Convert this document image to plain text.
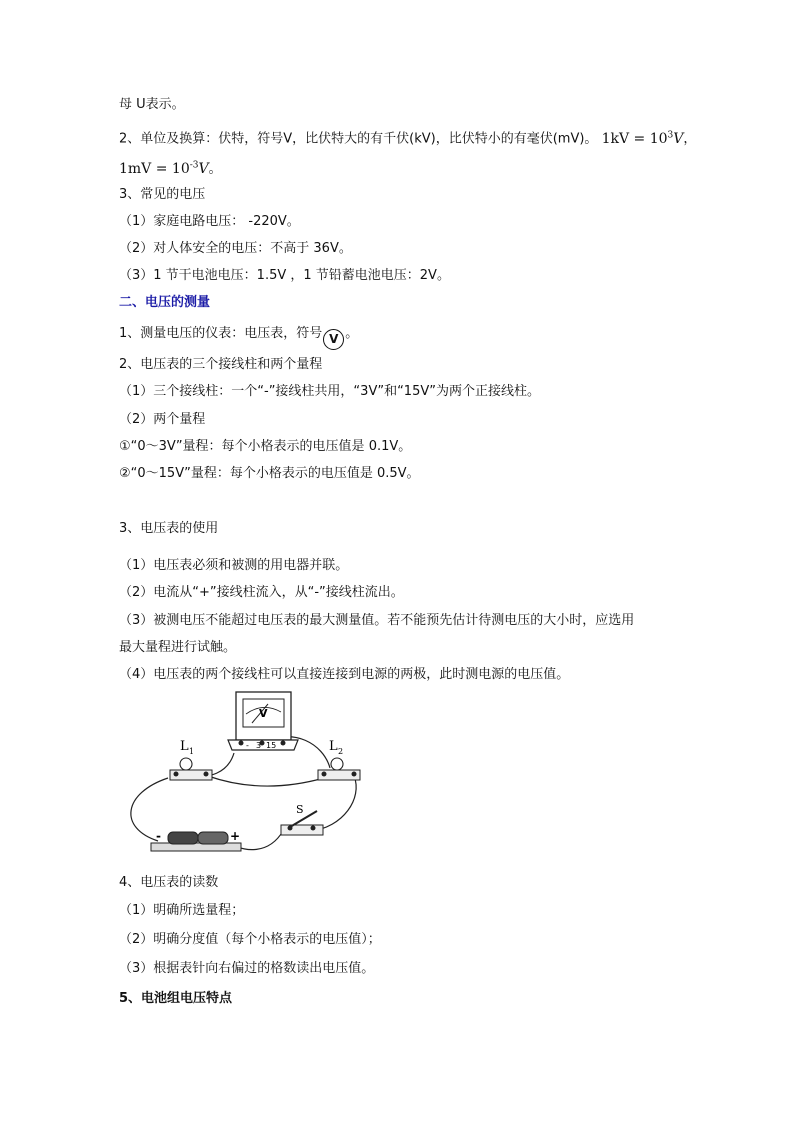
母 U表示。
2、单位及换算：伏特，符号V，比伏特大的有千伏(kV)，比伏特小的有毫伏(mV)。 $1kV = 10^3V$，
$1mV = 10^{-3}V$。
3、常见的电压
（1）家庭电路电压： -220V。
（2）对人体安全的电压：不高于 36V。
（3）1 节干电池电压：1.5V ，1 节铅蓄电池电压：2V。
二、电压的测量
1、测量电压的仪表：电压表，符号 V 。
2、电压表的三个接线柱和两个量程
（1）三个接线柱：一个“-”接线柱共用，“3V”和“15V”为两个正接线柱。
（2）两个量程
①“0～3V”量程：每个小格表示的电压值是 0.1V。
②“0～15V”量程：每个小格表示的电压值是 0.5V。
3、电压表的使用
（1）电压表必须和被测的用电器并联。
（2）电流从“+”接线柱流入，从“-”接线柱流出。
（3）被测电压不能超过电压表的最大测量值。若不能预先估计待测电压的大小时，应选用
最大量程进行试触。
（4）电压表的两个接线柱可以直接连接到电源的两极，此时测电源的电压值。
V
- 3 15
L 1	L 2
S
-	+
4、电压表的读数
（1）明确所选量程；
（2）明确分度值（每个小格表示的电压值）；
（3）根据表针向右偏过的格数读出电压值。
5、电池组电压特点
